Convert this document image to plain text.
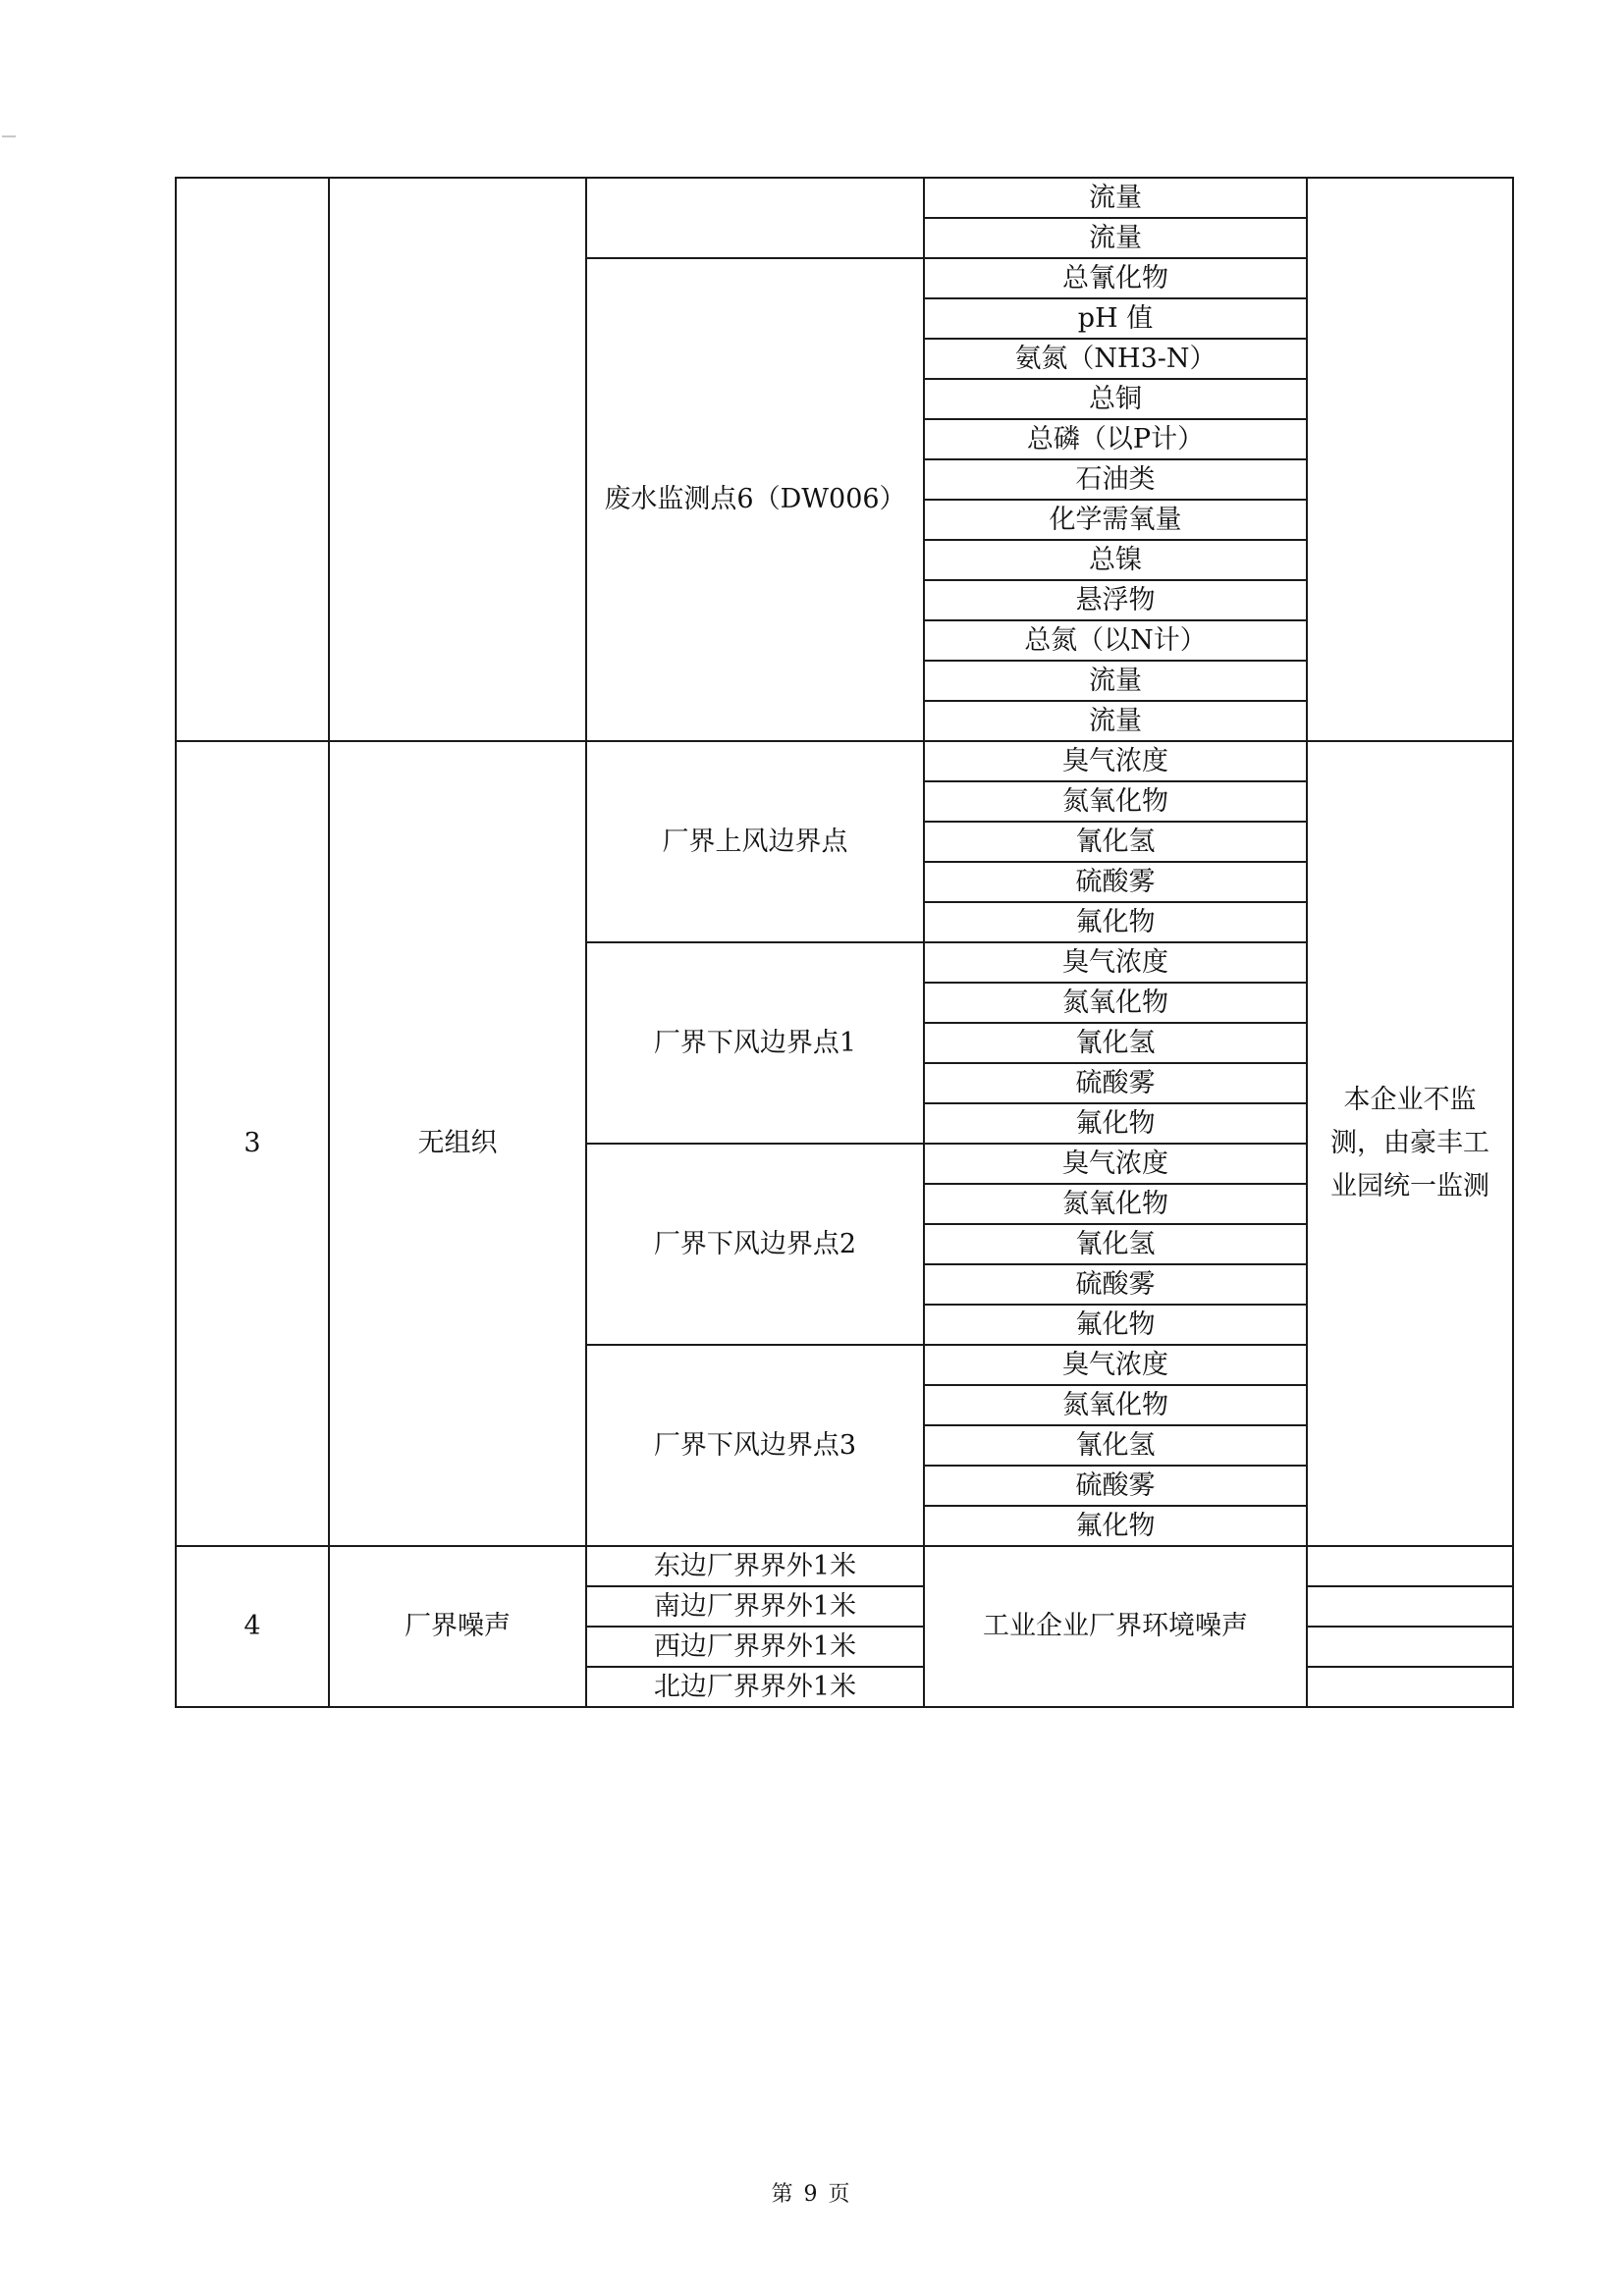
			流量	
			流量	
		废水监测点6（DW006）	总氰化物	
			pH 值	
			氨氮（NH3-N）	
			总铜	
			总磷（以P计）	
			石油类	
			化学需氧量	
			总镍	
			悬浮物	
			总氮（以N计）	
			流量	
			流量	
3	无组织	厂界上风边界点	臭气浓度	本企业不监测，由豪丰工业园统一监测
			氮氧化物	
			氰化氢	
			硫酸雾	
			氟化物	
		厂界下风边界点1	臭气浓度	
			氮氧化物	
			氰化氢	
			硫酸雾	
			氟化物	
		厂界下风边界点2	臭气浓度	
			氮氧化物	
			氰化氢	
			硫酸雾	
			氟化物	
		厂界下风边界点3	臭气浓度	
			氮氧化物	
			氰化氢	
			硫酸雾	
			氟化物	
4	厂界噪声	东边厂界界外1米	工业企业厂界环境噪声	
		南边厂界界外1米		
		西边厂界界外1米		
		北边厂界界外1米		
第 9 页
